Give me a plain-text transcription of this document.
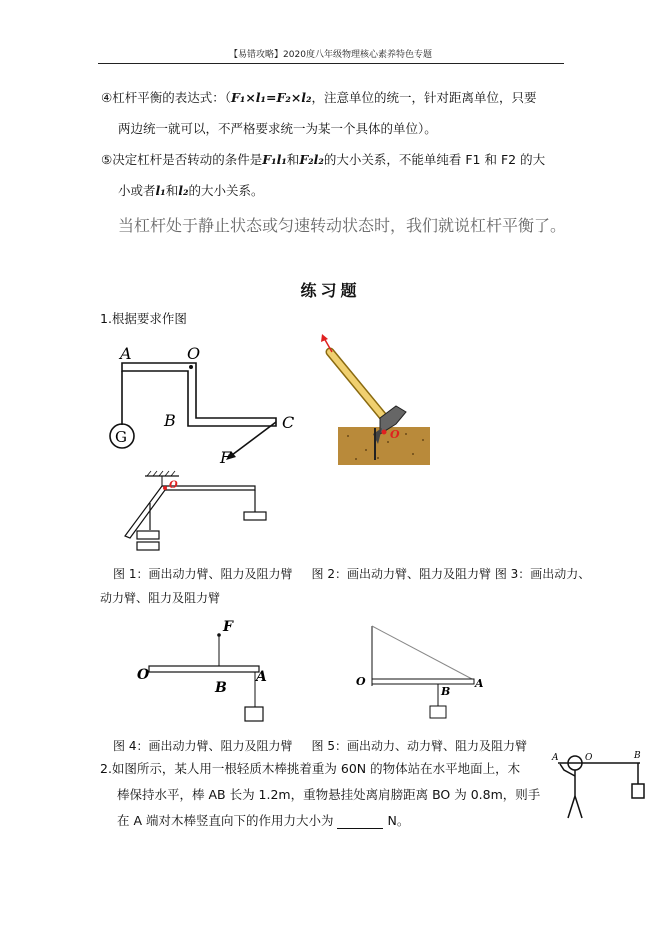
【易错攻略】2020度八年级物理核心素养特色专题
④杠杆平衡的表达式：（F₁×l₁=F₂×l₂，注意单位的统一，针对距离单位，只要
两边统一就可以，不严格要求统一为某一个具体的单位）。
⑤决定杠杆是否转动的条件是F₁l₁和F₂l₂的大小关系，不能单纯看 F1 和 F2 的大
小或者l₁和l₂的大小关系。
当杠杆处于静止状态或匀速转动状态时，我们就说杠杆平衡了。
练习题
1.根据要求作图
A	O
B	C
F
G	O
O
图 1：画出动力臂、阻力及阻力臂 图 2：画出动力臂、阻力及阻力臂 图 3：画出动力、
动力臂、阻力及阻力臂
F
O
B
A	O
B
A
图 4：画出动力臂、阻力及阻力臂 图 5：画出动力、动力臂、阻力及阻力臂
2.如图所示，某人用一根轻质木棒挑着重为 60N 的物体站在水平地面上，木
棒保持水平，棒 AB 长为 1.2m，重物悬挂处离肩膀距离 BO 为 0.8m，则手
在 A 端对木棒竖直向下的作用力大小为	N。
A	O	B
